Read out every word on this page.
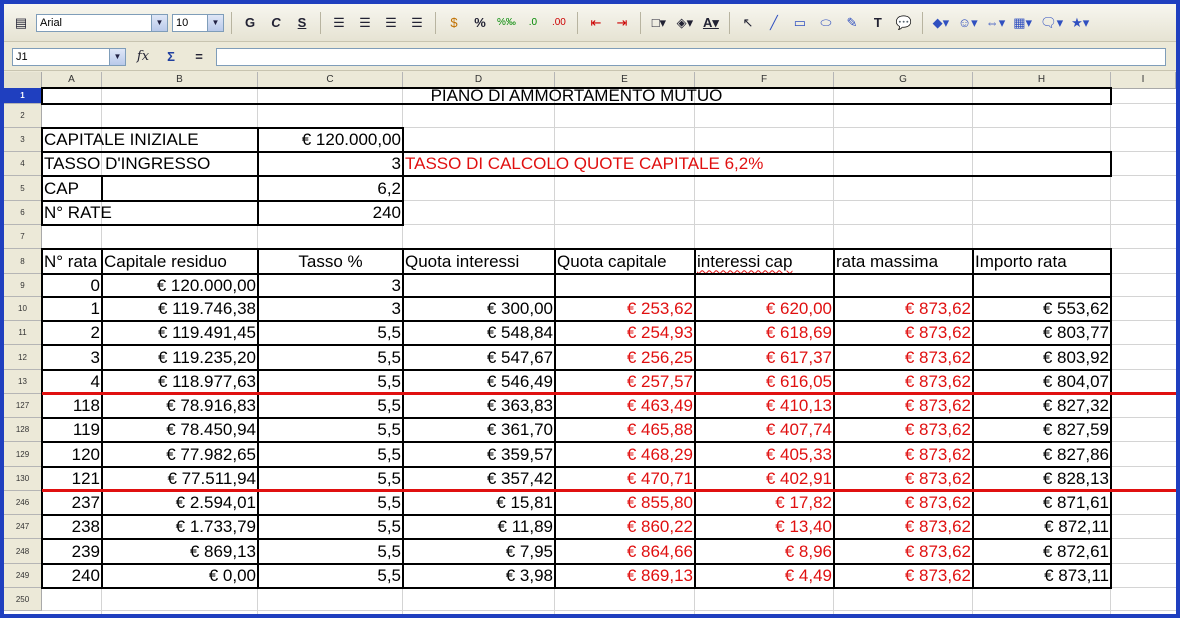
▤	Arial	▼	10	▼	G	C	S	☰	☰	☰	☰	$	%	%‰	.0	.00	⇤	⇥	□▾ ◈▾ A▾	↖	╱	▭	⬭	✎	T	💬 ◆▾ ☺▾ ⇔▾ ▦▾ 🗨▾ ★▾
J1	▼	fx	Σ	=
A	B	C	D	E	F	G	H	I
1
2
3
4
5
6
7
8
9
10
11
12
13
127
128
129
130
246
247
248
249
250
PIANO DI AMMORTAMENTO MUTUO
CAPITALE INIZIALE	€ 120.000,00
TASSO D'INGRESSO	3
CAP	6,2
N° RATE	240
TASSO DI CALCOLO QUOTE CAPITALE 6,2%
N° rata Capitale residuo	Tasso %	Quota interessi	Quota capitale	interessi cap	rata massima	Importo rata
0	€ 120.000,00	3
1	€ 119.746,38	3	€ 300,00	€ 253,62	€ 620,00	€ 873,62	€ 553,62
2	€ 119.491,45	5,5	€ 548,84	€ 254,93	€ 618,69	€ 873,62	€ 803,77
3	€ 119.235,20	5,5	€ 547,67	€ 256,25	€ 617,37	€ 873,62	€ 803,92
4	€ 118.977,63	5,5	€ 546,49	€ 257,57	€ 616,05	€ 873,62	€ 804,07
118	€ 78.916,83	5,5	€ 363,83	€ 463,49	€ 410,13	€ 873,62	€ 827,32
119	€ 78.450,94	5,5	€ 361,70	€ 465,88	€ 407,74	€ 873,62	€ 827,59
120	€ 77.982,65	5,5	€ 359,57	€ 468,29	€ 405,33	€ 873,62	€ 827,86
121	€ 77.511,94	5,5	€ 357,42	€ 470,71	€ 402,91	€ 873,62	€ 828,13
237	€ 2.594,01	5,5	€ 15,81	€ 855,80	€ 17,82	€ 873,62	€ 871,61
238	€ 1.733,79	5,5	€ 11,89	€ 860,22	€ 13,40	€ 873,62	€ 872,11
239	€ 869,13	5,5	€ 7,95	€ 864,66	€ 8,96	€ 873,62	€ 872,61
240	€ 0,00	5,5	€ 3,98	€ 869,13	€ 4,49	€ 873,62	€ 873,11
